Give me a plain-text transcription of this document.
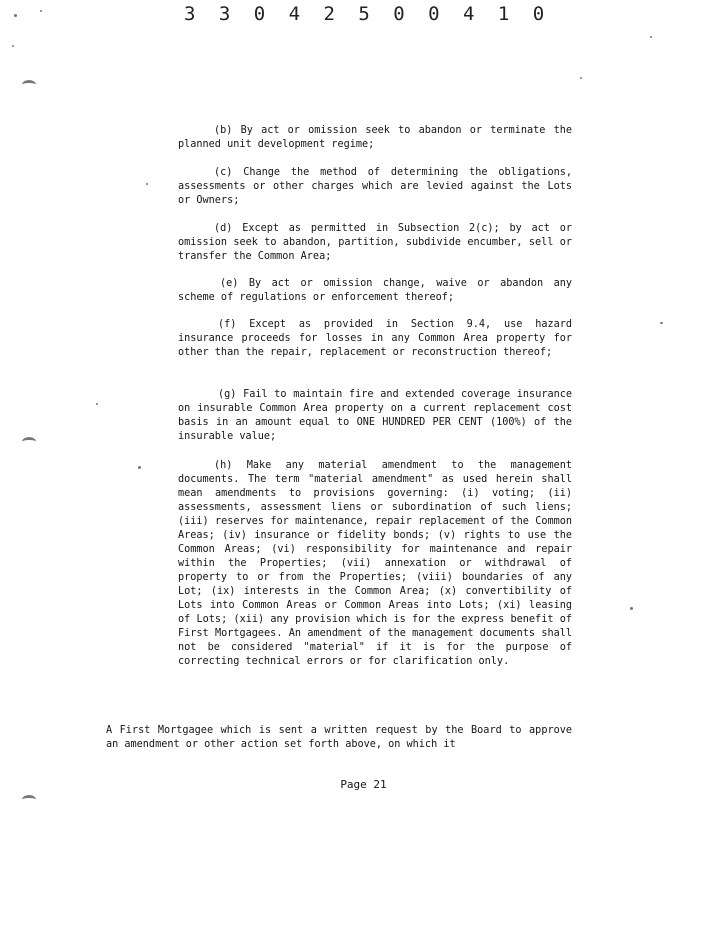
3 3 0 4 2 5 0 0 4 1 0
(b) By act or omission seek to abandon or terminate the planned unit development regime;
(c) Change the method of determining the obligations, assessments or other charges which are levied against the Lots or Owners;
(d) Except as permitted in Subsection 2(c); by act or omission seek to abandon, partition, subdivide encumber, sell or transfer the Common Area;
(e) By act or omission change, waive or abandon any scheme of regulations or enforcement thereof;
(f) Except as provided in Section 9.4, use hazard insurance proceeds for losses in any Common Area property for other than the repair, replacement or reconstruction thereof;
(g) Fail to maintain fire and extended coverage insurance on insurable Common Area property on a current replacement cost basis in an amount equal to ONE HUNDRED PER CENT (100%) of the insurable value;
(h) Make any material amendment to the management documents. The term "material amendment" as used herein shall mean amendments to provisions governing: (i) voting; (ii) assessments, assessment liens or subordination of such liens; (iii) reserves for maintenance, repair replacement of the Common Areas; (iv) insurance or fidelity bonds; (v) rights to use the Common Areas; (vi) responsibility for maintenance and repair within the Properties; (vii) annexation or withdrawal of property to or from the Properties; (viii) boundaries of any Lot; (ix) interests in the Common Area; (x) convertibility of Lots into Common Areas or Common Areas into Lots; (xi) leasing of Lots; (xii) any provision which is for the express benefit of First Mortgagees. An amendment of the management documents shall not be considered "material" if it is for the purpose of correcting technical errors or for clarification only.
A First Mortgagee which is sent a written request by the Board to approve an amendment or other action set forth above, on which it
Page 21
